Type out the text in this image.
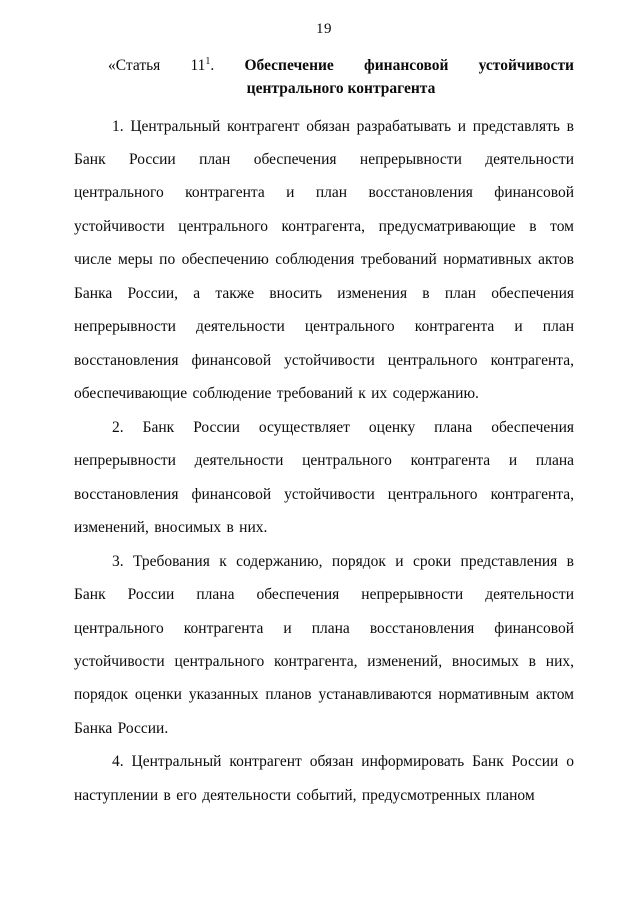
19
«Статья $11^1$. Обеспечение финансовой устойчивости
центрального контрагента

1. Центральный контрагент обязан разрабатывать и представлять в Банк России план обеспечения непрерывности деятельности центрального контрагента и план восстановления финансовой устойчивости центрального контрагента, предусматривающие в том числе меры по обеспечению соблюдения требований нормативных актов Банка России, а также вносить изменения в план обеспечения непрерывности деятельности центрального контрагента и план восстановления финансовой устойчивости центрального контрагента, обеспечивающие соблюдение требований к их содержанию.

2. Банк России осуществляет оценку плана обеспечения непрерывности деятельности центрального контрагента и плана восстановления финансовой устойчивости центрального контрагента, изменений, вносимых в них.

3. Требования к содержанию, порядок и сроки представления в Банк России плана обеспечения непрерывности деятельности центрального контрагента и плана восстановления финансовой устойчивости центрального контрагента, изменений, вносимых в них, порядок оценки указанных планов устанавливаются нормативным актом Банка России.

4. Центральный контрагент обязан информировать Банк России о наступлении в его деятельности событий, предусмотренных планом
